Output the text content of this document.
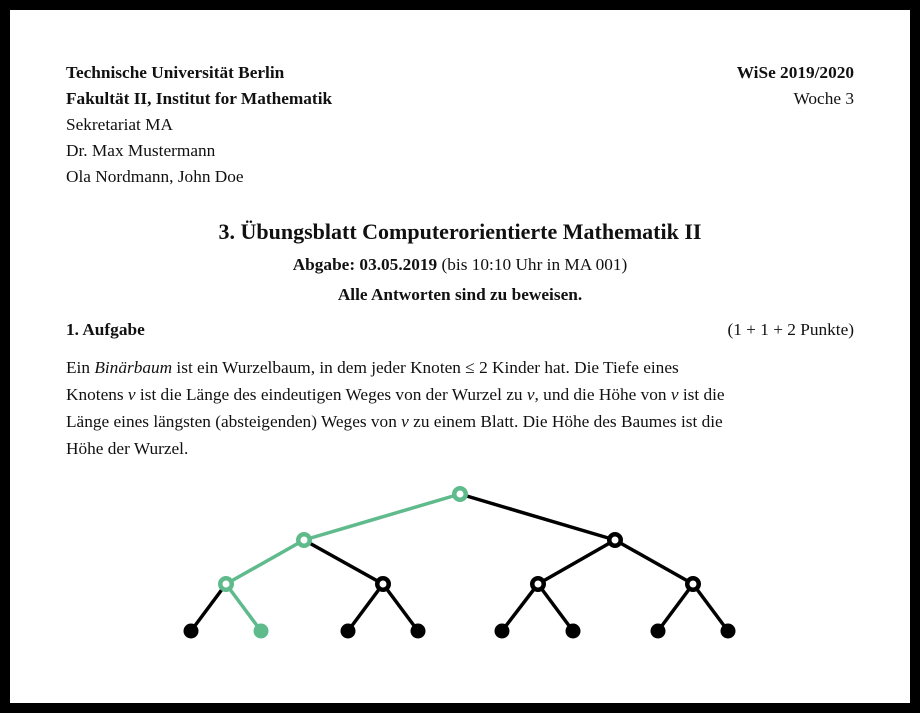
Technische Universität Berlin
Fakultät II, Institut for Mathematik
Sekretariat MA
Dr. Max Mustermann
Ola Nordmann, John Doe
WiSe 2019/2020
Woche 3
3. Übungsblatt Computerorientierte Mathematik II
Abgabe: 03.05.2019 (bis 10:10 Uhr in MA 001)
Alle Antworten sind zu beweisen.
1. Aufgabe	(1 + 1 + 2 Punkte)
Ein Binärbaum ist ein Wurzelbaum, in dem jeder Knoten ≤ 2 Kinder hat. Die Tiefe eines
Knotens v ist die Länge des eindeutigen Weges von der Wurzel zu v, und die Höhe von v ist die
Länge eines längsten (absteigenden) Weges von v zu einem Blatt. Die Höhe des Baumes ist die
Höhe der Wurzel.
